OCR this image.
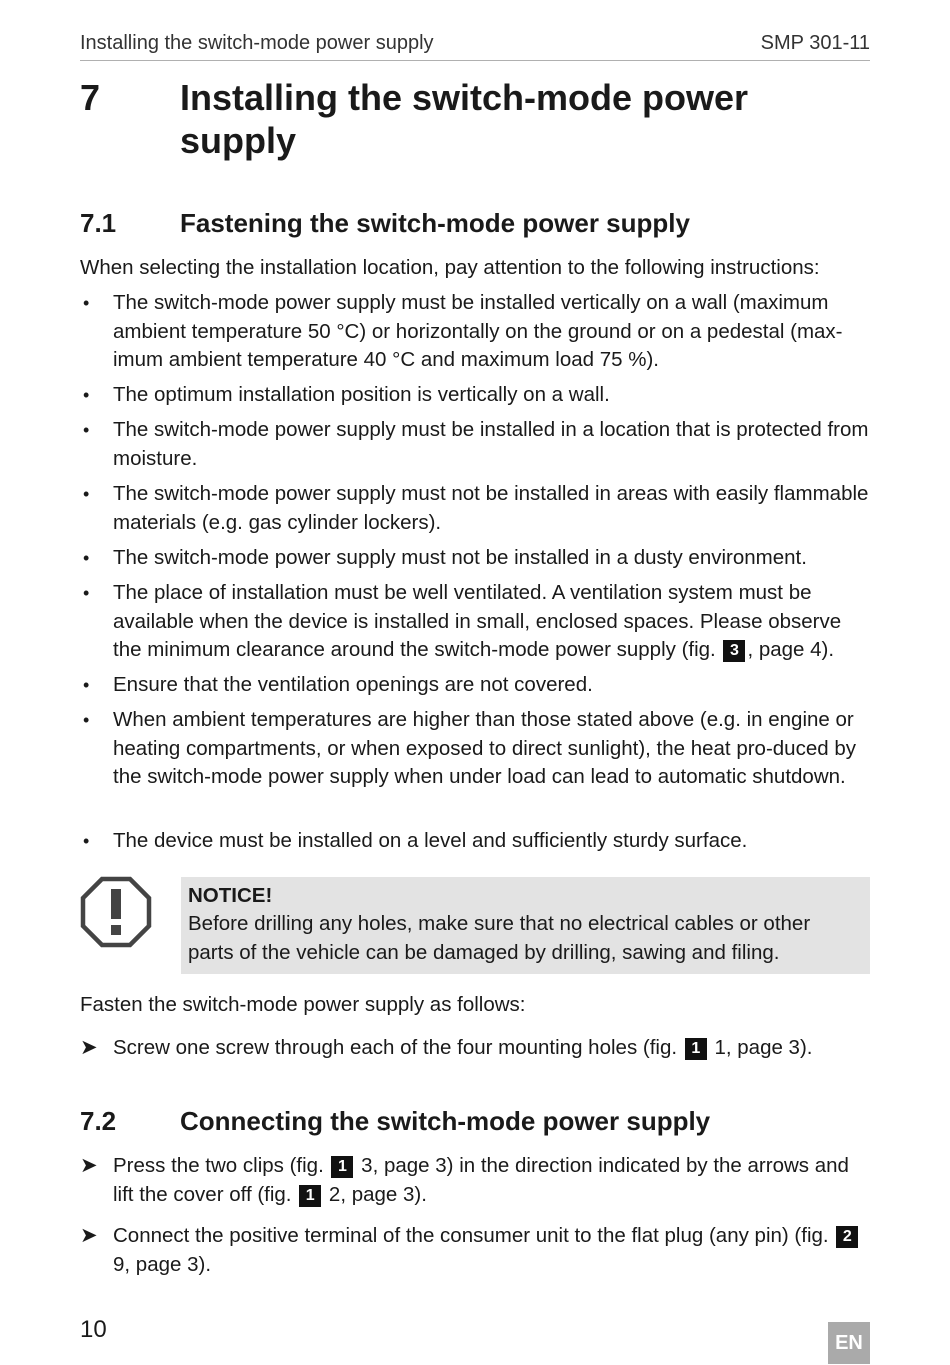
Installing the switch-mode power supply	SMP 301-11
7 Installing the switch-mode power supply
7.1 Fastening the switch-mode power supply
When selecting the installation location, pay attention to the following instructions:
•	The switch-mode power supply must be installed vertically on a wall (maximum ambient temperature 50 °C) or horizontally on the ground or on a pedestal (max-imum ambient temperature 40 °C and maximum load 75 %).
•	The optimum installation position is vertically on a wall.
•	The switch-mode power supply must be installed in a location that is protected from moisture.
•	The switch-mode power supply must not be installed in areas with easily flammable materials (e.g. gas cylinder lockers).
•	The switch-mode power supply must not be installed in a dusty environment.
•	The place of installation must be well ventilated. A ventilation system must be available when the device is installed in small, enclosed spaces. Please observe the minimum clearance around the switch-mode power supply (fig. 3 , page 4).
•	Ensure that the ventilation openings are not covered.
•	When ambient temperatures are higher than those stated above (e.g. in engine or heating compartments, or when exposed to direct sunlight), the heat pro-duced by the switch-mode power supply when under load can lead to automatic shutdown.
•	The device must be installed on a level and sufficiently sturdy surface.
NOTICE!
Before drilling any holes, make sure that no electrical cables or other parts of the vehicle can be damaged by drilling, sawing and filing.
Fasten the switch-mode power supply as follows:
➤ Screw one screw through each of the four mounting holes (fig. 1 1, page 3).
7.2 Connecting the switch-mode power supply
➤ Press the two clips (fig. 1 3, page 3) in the direction indicated by the arrows and lift the cover off (fig. 1 2, page 3).
➤ Connect the positive terminal of the consumer unit to the flat plug (any pin) (fig. 2 9, page 3).
10	EN
